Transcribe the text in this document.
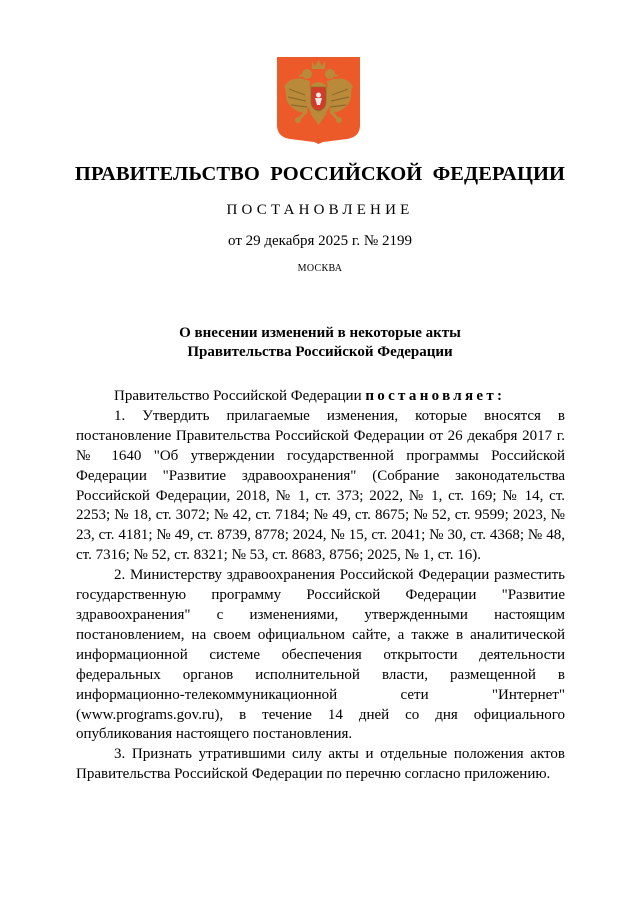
ПРАВИТЕЛЬСТВО РОССИЙСКОЙ ФЕДЕРАЦИИ
ПОСТАНОВЛЕНИЕ
от 29 декабря 2025 г. № 2199
МОСКВА
О внесении изменений в некоторые акты
Правительства Российской Федерации

Правительство Российской Федерации постановляет:

1. Утвердить прилагаемые изменения, которые вносятся в постановление Правительства Российской Федерации от 26 декабря 2017 г. № 1640 "Об утверждении государственной программы Российской Федерации "Развитие здравоохранения" (Собрание законодательства Российской Федерации, 2018, № 1, ст. 373; 2022, № 1, ст. 169; № 14, ст. 2253; № 18, ст. 3072; № 42, ст. 7184; № 49, ст. 8675; № 52, ст. 9599; 2023, № 23, ст. 4181; № 49, ст. 8739, 8778; 2024, № 15, ст. 2041; № 30, ст. 4368; № 48, ст. 7316; № 52, ст. 8321; № 53, ст. 8683, 8756; 2025, № 1, ст. 16).

2. Министерству здравоохранения Российской Федерации разместить государственную программу Российской Федерации "Развитие здравоохранения" с изменениями, утвержденными настоящим постановлением, на своем официальном сайте, а также в аналитической информационной системе обеспечения открытости деятельности федеральных органов исполнительной власти, размещенной в информационно-телекоммуникационной сети "Интернет" (www.programs.gov.ru), в течение 14 дней со дня официального опубликования настоящего постановления.

3. Признать утратившими силу акты и отдельные положения актов Правительства Российской Федерации по перечню согласно приложению.
